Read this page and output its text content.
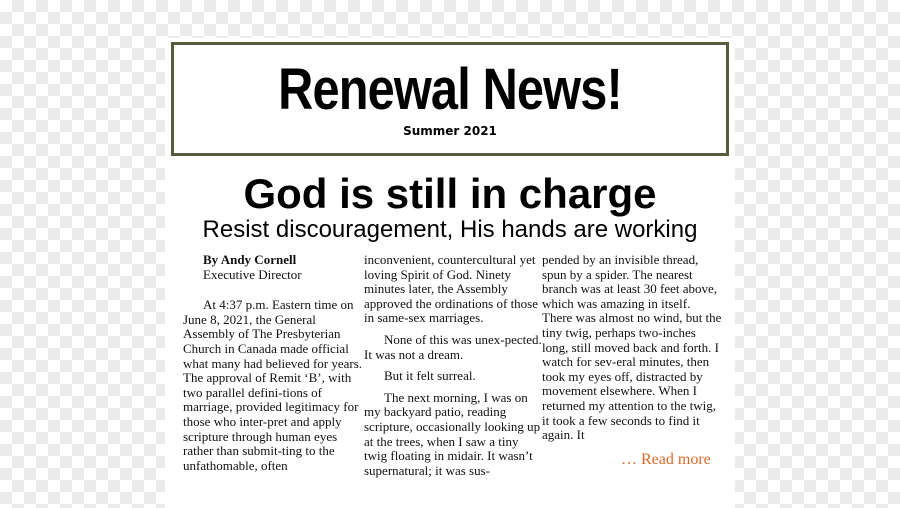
Renewal News!
Summer 2021
God is still in charge
Resist discouragement, His hands are working

By Andy Cornell

Executive Director

At 4:37 p.m. Eastern time on June 8, 2021, the General Assembly of The Presbyterian Church in Canada made official what many had believed for years. The approval of Remit ‘B’, with two parallel defini-tions of marriage, provided legitimacy for those who inter-pret and apply scripture through human eyes rather than submit-ting to the unfathomable, often

inconvenient, countercultural yet loving Spirit of God. Ninety minutes later, the Assembly approved the ordinations of those in same-sex marriages.

None of this was unex-pected. It was not a dream.

But it felt surreal.

The next morning, I was on my backyard patio, reading scripture, occasionally looking up at the trees, when I saw a tiny twig floating in midair. It wasn’t supernatural; it was sus-

pended by an invisible thread, spun by a spider. The nearest branch was at least 30 feet above, which was amazing in itself. There was almost no wind, but the tiny twig, perhaps two-inches long, still moved back and forth. I watch for sev-eral minutes, then took my eyes off, distracted by movement elsewhere. When I returned my attention to the twig, it took a few seconds to find it again. It

… Read more
